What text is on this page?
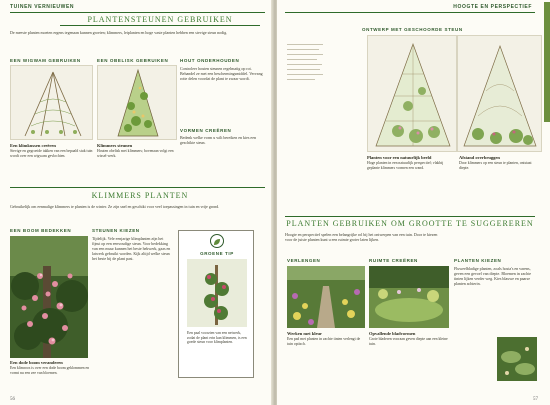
TUINEN VERNIEUWEN
PLANTENSTEUNEN GEBRUIKEN
De meeste planten moeten ergens tegenaan kunnen groeien; klimmers, leiplanten en hoge vaste planten hebben een stevige steun nodig.
EEN WIGWAM GEBRUIKEN	EEN OBELISK GEBRUIKEN	HOUT ONDERHOUDEN
Controleer houten steunen regelmatig op rot. Behandel ze met een beschermingsmiddel. Vervang rotte delen voordat de plant te zwaar wordt.
VORMEN CREËREN
Bedenk welke vorm u wilt bereiken en kies een geschikte steun.
Een klimkussen creëren
Stevige en gegroeide takken van een bepaald stuk tuin wordt over een wigwam gevlochten.
Klimmers steunen
Houten obelisk met klimmers; bovenaan volgt een wissel-werk.
KLIMMERS PLANTEN
Gebruikelijk om eenmalige klimmers te planten is de winter. Ze zijn snel en geschikt voor veel toepassingen in tuin en vrije grond.
EEN BOOM BEDEKKEN	STEUNEN KIEZEN
Een dode boom veranderen
Een klimroos is over een dode boom geklommen en vormt nu een zee van bloemen.
Tijdelijk. Vele eenjarige klimplanten zijn het fijnst op een eenvoudige steun. Voor bedekking van een muur kunnen het beste hekwerk, gaas en latwerk gebruikt worden. Kijk altijd welke steun het beste bij de plant past.
GROENE TIP
Een paal voorzien van een netwerk, zodat de plant erin kan klimmen, is een goede steun voor klimplanten.
56
HOOGTE EN PERSPECTIEF
ONTWERP MET GESCHOORDE STEUN
Planten voor een natuurlijk beeld
Hoge planten in een natuurlijk perspectief; vlakbij geplante klimmers vormen een wand.
Afstand overbruggen
Door klimmers op een steun te planten, ontstaat diepte.
PLANTEN GEBRUIKEN OM GROOTTE TE SUGGEREREN
Hoogte en perspectief spelen een belangrijke rol bij het ontwerpen van een tuin. Door te kiezen voor de juiste planten kunt u een ruimte groter laten lijken.
VERLENGEN	RUIMTE CREËREN	PLANTEN KIEZEN
Fluweelbladige planten, zoals hosta's en varens, geven een gevoel van diepte. Bloemen in zachte tinten lijken verder weg. Kies blauwe en paarse planten achterin.
Werken met kleur
Een pad met planten in zachte tinten verlengt de tuin optisch.
Opvallende bladvormen
Grote bladeren vooraan geven diepte aan een kleine tuin.
57
